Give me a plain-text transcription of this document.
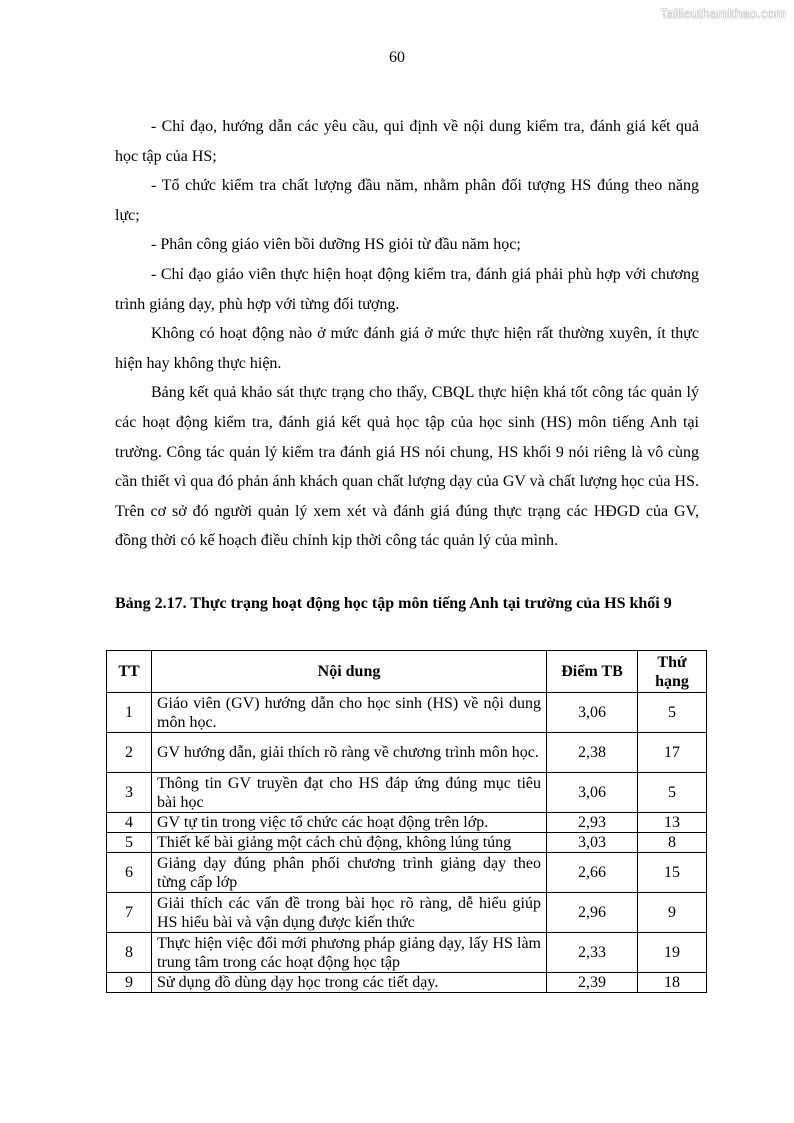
Tailieuthamkhao.com
60

- Chỉ đạo, hướng dẫn các yêu cầu, qui định về nội dung kiểm tra, đánh giá kết quả học tập của HS;

- Tổ chức kiểm tra chất lượng đầu năm, nhằm phân đối tượng HS đúng theo năng lực;

- Phân công giáo viên bồi dưỡng HS giỏi từ đầu năm học;

- Chỉ đạo giáo viên thực hiện hoạt động kiểm tra, đánh giá phải phù hợp với chương trình giảng dạy, phù hợp với từng đối tượng.

Không có hoạt động nào ở mức đánh giá ở mức thực hiện rất thường xuyên, ít thực hiện hay không thực hiện.

Bảng kết quả khảo sát thực trạng cho thấy, CBQL thực hiện khá tốt công tác quản lý các hoạt động kiểm tra, đánh giá kết quả học tập của học sinh (HS) môn tiếng Anh tại trường. Công tác quản lý kiểm tra đánh giá HS nói chung, HS khối 9 nói riêng là vô cùng cần thiết vì qua đó phản ánh khách quan chất lượng dạy của GV và chất lượng học của HS. Trên cơ sở đó người quản lý xem xét và đánh giá đúng thực trạng các HĐGD của GV, đồng thời có kế hoạch điều chỉnh kịp thời công tác quản lý của mình.

Bảng 2.17. Thực trạng hoạt động học tập môn tiếng Anh tại trường của HS khối 9
TT	Nội dung	Điểm TB	Thứ hạng
1	Giáo viên (GV) hướng dẫn cho học sinh (HS) về nội dung môn học.	3,06	5
2	GV hướng dẫn, giải thích rõ ràng về chương trình môn học.	2,38	17
3	Thông tin GV truyền đạt cho HS đáp ứng đúng mục tiêu bài học	3,06	5
4	GV tự tin trong việc tổ chức các hoạt động trên lớp.	2,93	13
5	Thiết kế bài giảng một cách chủ động, không lúng túng	3,03	8
6	Giảng dạy đúng phân phối chương trình giảng dạy theo từng cấp lớp	2,66	15
7	Giải thích các vấn đề trong bài học rõ ràng, dễ hiểu giúp HS hiểu bài và vận dụng được kiến thức	2,96	9
8	Thực hiện việc đổi mới phương pháp giảng dạy, lấy HS làm trung tâm trong các hoạt động học tập	2,33	19
9	Sử dụng đồ dùng dạy học trong các tiết dạy.	2,39	18
